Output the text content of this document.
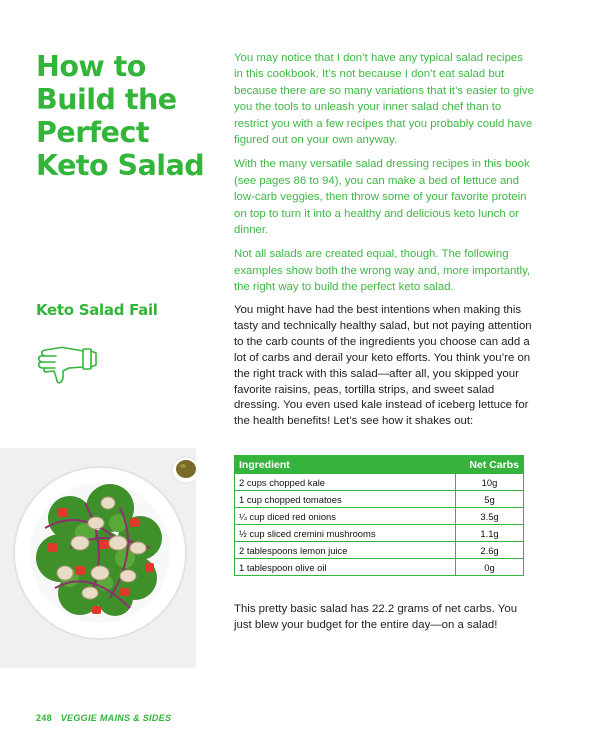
How to
Build the
Perfect
Keto Salad

You may notice that I don’t have any typical salad recipes in this cookbook. It’s not because I don’t eat salad but because there are so many variations that it’s easier to give you the tools to unleash your inner salad chef than to restrict you with a few recipes that you probably could have figured out on your own anyway.

With the many versatile salad dressing recipes in this book (see pages 86 to 94), you can make a bed of lettuce and low-carb veggies, then throw some of your favorite protein on top to turn it into a healthy and delicious keto lunch or dinner.

Not all salads are created equal, though. The following examples show both the wrong way and, more importantly, the right way to build the perfect keto salad.

Keto Salad Fail	You might have had the best intentions when making this tasty and technically healthy salad, but not paying attention to the carb counts of the ingredients you choose can add a lot of carbs and derail your keto efforts. You think you’re on the right track with this salad—after all, you skipped your favorite raisins, peas, tortilla strips, and sweet salad dressing. You even used kale instead of iceberg lettuce for the health benefits! Let’s see how it shakes out:
Ingredient	Net Carbs
2 cups chopped kale	10g
1 cup chopped tomatoes	5g
¼ cup diced red onions	3.5g
½ cup sliced cremini mushrooms	1.1g
2 tablespoons lemon juice	2.6g
1 tablespoon olive oil	0g
This pretty basic salad has 22.2 grams of net carbs. You just blew your budget for the entire day—on a salad!
248 VEGGIE MAINS & SIDES
